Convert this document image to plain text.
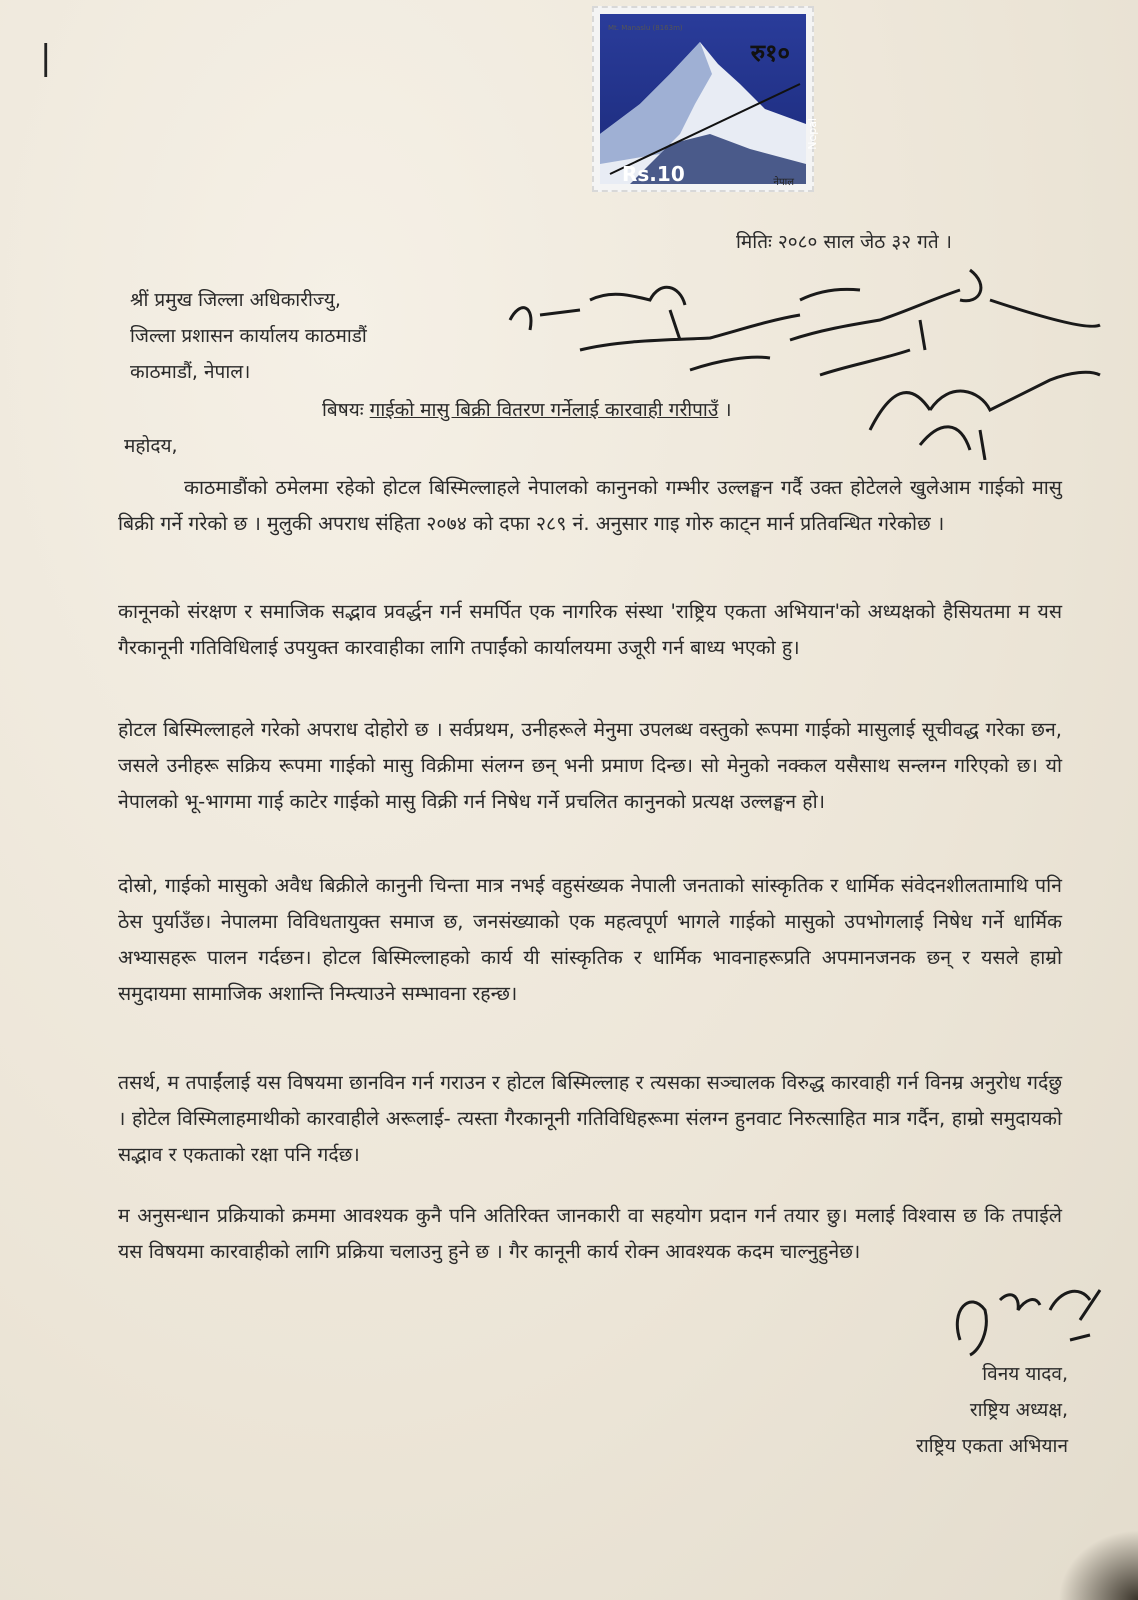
|
Mt. Manaslu (8163m)
रु१०
Rs.10
Nepal
नेपाल
मितिः २०८० साल जेठ ३२ गते ।
श्रीं प्रमुख जिल्ला अधिकारीज्यु,
जिल्ला प्रशासन कार्यालय काठमाडौं
काठमाडौं, नेपाल।
बिषयः गाईको मासु बिक्री वितरण गर्नेलाई कारवाही गरीपाउँ ।
महोदय,

काठमाडौंको ठमेलमा रहेको होटल बिस्मिल्लाहले नेपालको कानुनको गम्भीर उल्लङ्घन गर्दै उक्त होटेलले खुलेआम गाईको मासु बिक्री गर्ने गरेको छ । मुलुकी अपराध संहिता २०७४ को दफा २८९ नं. अनुसार गाइ गोरु काट्न मार्न प्रतिवन्धित गरेकोछ ।

कानूनको संरक्षण र समाजिक सद्भाव प्रवर्द्धन गर्न समर्पित एक नागरिक संस्था 'राष्ट्रिय एकता अभियान'को अध्यक्षको हैसियतमा म यस गैरकानूनी गतिविधिलाई उपयुक्त कारवाहीका लागि तपाईंको कार्यालयमा उजूरी गर्न बाध्य भएको हु।

होटल बिस्मिल्लाहले गरेको अपराध दोहोरो छ । सर्वप्रथम, उनीहरूले मेनुमा उपलब्ध वस्तुको रूपमा गाईको मासुलाई सूचीवद्ध गरेका छन, जसले उनीहरू सक्रिय रूपमा गाईको मासु विक्रीमा संलग्न छन् भनी प्रमाण दिन्छ। सो मेनुको नक्कल यसैसाथ सन्लग्न गरिएको छ। यो नेपालको भू-भागमा गाई काटेर गाईको मासु विक्री गर्न निषेध गर्ने प्रचलित कानुनको प्रत्यक्ष उल्लङ्घन हो।

दोस्रो, गाईको मासुको अवैध बिक्रीले कानुनी चिन्ता मात्र नभई वहुसंख्यक नेपाली जनताको सांस्कृतिक र धार्मिक संवेदनशीलतामाथि पनि ठेस पुर्याउँछ। नेपालमा विविधतायुक्त समाज छ, जनसंख्याको एक महत्वपूर्ण भागले गाईको मासुको उपभोगलाई निषेध गर्ने धार्मिक अभ्यासहरू पालन गर्दछन। होटल बिस्मिल्लाहको कार्य यी सांस्कृतिक र धार्मिक भावनाहरूप्रति अपमानजनक छन् र यसले हाम्रो समुदायमा सामाजिक अशान्ति निम्त्याउने सम्भावना रहन्छ।

तसर्थ, म तपाईंलाई यस विषयमा छानविन गर्न गराउन र होटल बिस्मिल्लाह र त्यसका सञ्चालक विरुद्ध कारवाही गर्न विनम्र अनुरोध गर्दछु । होटेल विस्मिलाहमाथीको कारवाहीले अरूलाई- त्यस्ता गैरकानूनी गतिविधिहरूमा संलग्न हुनवाट निरुत्साहित मात्र गर्दैन, हाम्रो समुदायको सद्भाव र एकताको रक्षा पनि गर्दछ।

म अनुसन्धान प्रक्रियाको क्रममा आवश्यक कुनै पनि अतिरिक्त जानकारी वा सहयोग प्रदान गर्न तयार छु। मलाई विश्वास छ कि तपाईले यस विषयमा कारवाहीको लागि प्रक्रिया चलाउनु हुने छ । गैर कानूनी कार्य रोक्न आवश्यक कदम चाल्नुहुनेछ।

विनय यादव,
राष्ट्रिय अध्यक्ष,
राष्ट्रिय एकता अभियान
